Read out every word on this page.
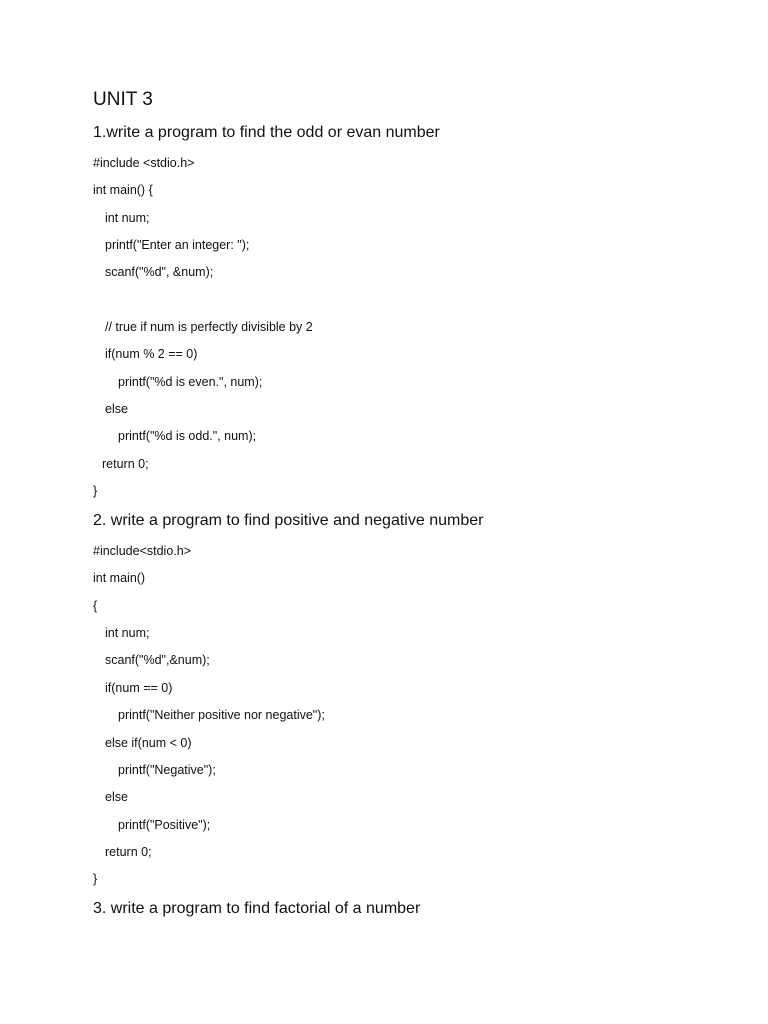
UNIT 3
1.write a program to find the odd or evan number
#include <stdio.h>
int main() {
int num;
printf("Enter an integer: ");
scanf("%d", &num);
// true if num is perfectly divisible by 2
if(num % 2 == 0)
printf("%d is even.", num);
else
printf("%d is odd.", num);
return 0;
}
2. write a program to find positive and negative number
#include<stdio.h>
int main()
{
int num;
scanf("%d",&num);
if(num == 0)
printf("Neither positive nor negative");
else if(num < 0)
printf("Negative");
else
printf("Positive");
return 0;
}
3. write a program to find factorial of a number
